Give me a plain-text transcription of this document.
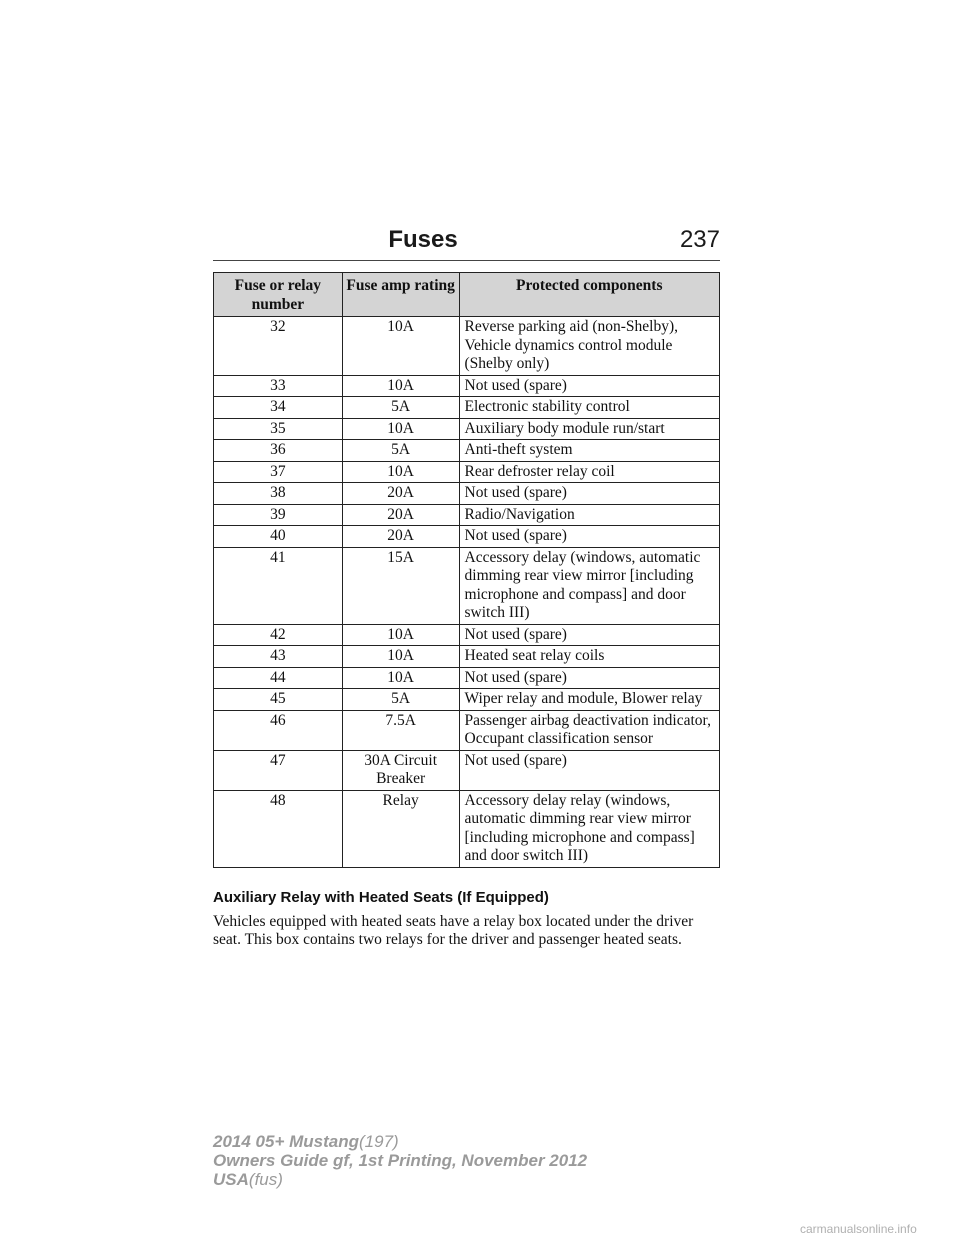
Fuses	237
Fuse or relay number	Fuse amp rating	Protected components
32	10A	Reverse parking aid (non-Shelby), Vehicle dynamics control module (Shelby only)
33	10A	Not used (spare)
34	5A	Electronic stability control
35	10A	Auxiliary body module run/start
36	5A	Anti-theft system
37	10A	Rear defroster relay coil
38	20A	Not used (spare)
39	20A	Radio/Navigation
40	20A	Not used (spare)
41	15A	Accessory delay (windows, automatic dimming rear view mirror [including microphone and compass] and door switch III)
42	10A	Not used (spare)
43	10A	Heated seat relay coils
44	10A	Not used (spare)
45	5A	Wiper relay and module, Blower relay
46	7.5A	Passenger airbag deactivation indicator, Occupant classification sensor
47	30A Circuit Breaker	Not used (spare)
48	Relay	Accessory delay relay (windows, automatic dimming rear view mirror [including microphone and compass] and door switch III)
Auxiliary Relay with Heated Seats (If Equipped)
Vehicles equipped with heated seats have a relay box located under the driver seat. This box contains two relays for the driver and passenger heated seats.
2014 05+ Mustang(197)
Owners Guide gf, 1st Printing, November 2012
USA(fus)
carmanualsonline.info
